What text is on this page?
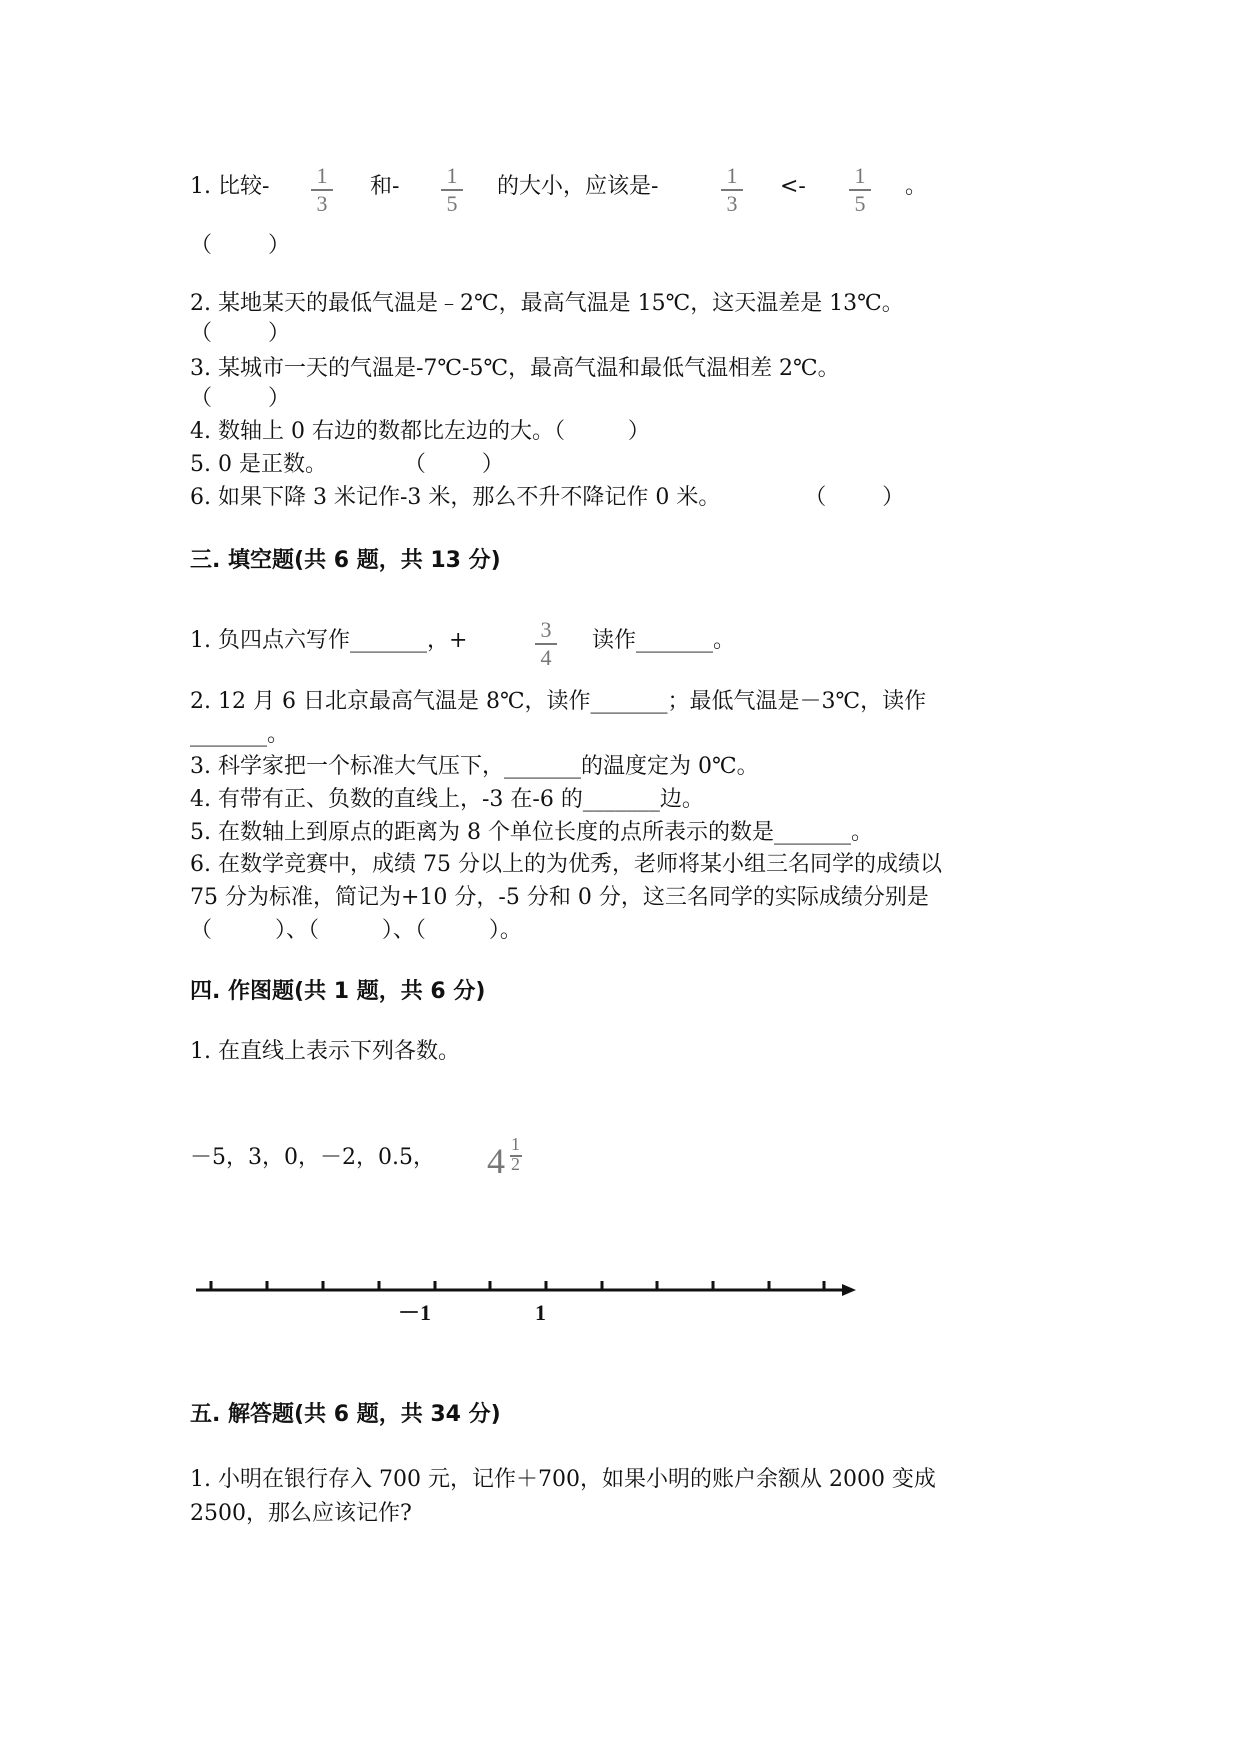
1. 比较-	1
3
和-	1
5
的大小，应该是-	1
3
<-	1
5
。
（        ）
2. 某地某天的最低气温是﹣2℃，最高气温是 15℃，这天温差是 13℃。
（        ）
3. 某城市一天的气温是-7℃-5℃，最高气温和最低气温相差 2℃。
（        ）
4. 数轴上 0 右边的数都比左边的大。（         ）
5. 0 是正数。           （        ）
6. 如果下降 3 米记作-3 米，那么不升不降记作 0 米。            （        ）
三. 填空题(共 6 题，共 13 分)
1. 负四点六写作_______，+	3
4
读作_______。
2. 12 月 6 日北京最高气温是 8℃，读作_______；最低气温是－3℃，读作
_______。
3. 科学家把一个标准大气压下，_______的温度定为 0℃。
4. 有带有正、负数的直线上，-3 在-6 的_______边。
5. 在数轴上到原点的距离为 8 个单位长度的点所表示的数是_______。
6. 在数学竞赛中，成绩 75 分以上的为优秀，老师将某小组三名同学的成绩以
75 分为标准，简记为+10 分，-5 分和 0 分，这三名同学的实际成绩分别是
（         ）、（         ）、（         ）。
四. 作图题(共 1 题，共 6 分)
1. 在直线上表示下列各数。
－5，3，0，－2，0.5， 4 1
2
－1	1
五. 解答题(共 6 题，共 34 分)
1. 小明在银行存入 700 元，记作＋700，如果小明的账户余额从 2000 变成
2500，那么应该记作?
